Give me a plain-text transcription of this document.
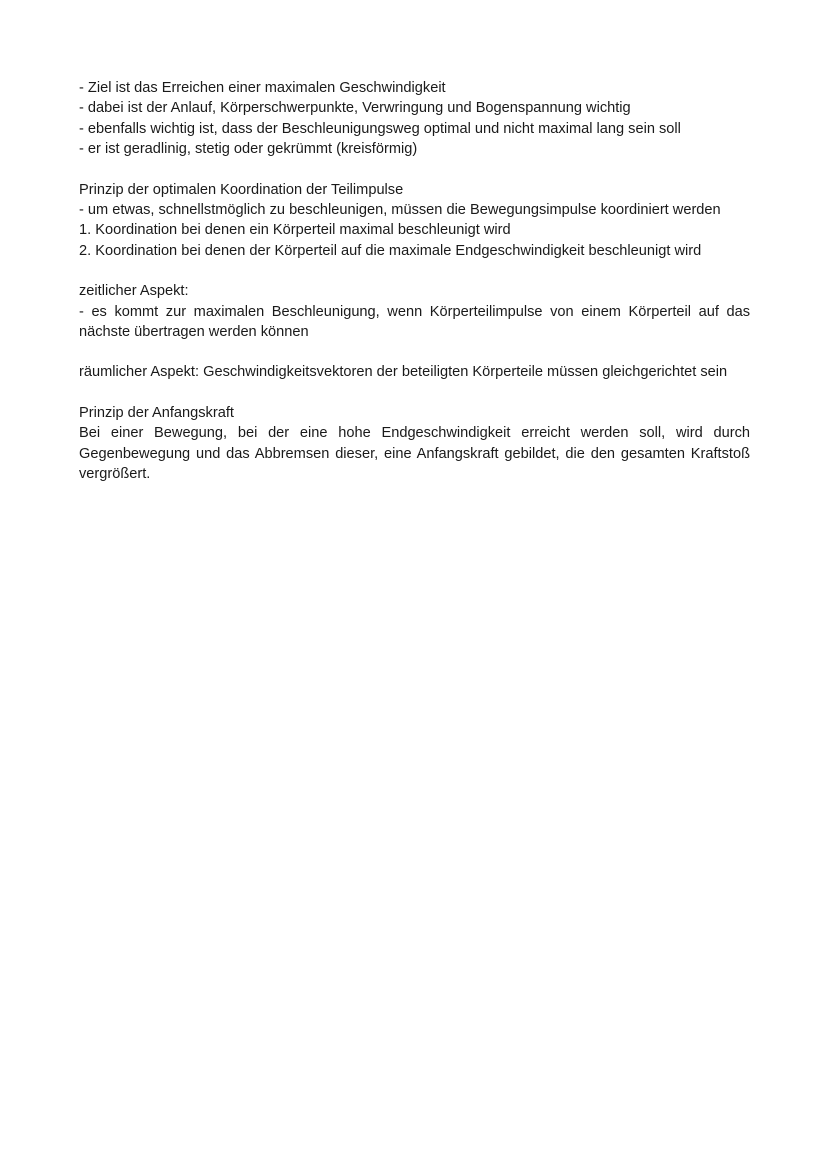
- Ziel ist das Erreichen einer maximalen Geschwindigkeit
- dabei ist der Anlauf, Körperschwerpunkte, Verwringung und Bogenspannung wichtig
- ebenfalls wichtig ist, dass der Beschleunigungsweg optimal und nicht maximal lang sein soll
- er ist geradlinig, stetig oder gekrümmt (kreisförmig)
Prinzip der optimalen Koordination der Teilimpulse
- um etwas, schnellstmöglich zu beschleunigen, müssen die Bewegungsimpulse koordiniert werden
1. Koordination bei denen ein Körperteil maximal beschleunigt wird
2. Koordination bei denen der Körperteil auf die maximale Endgeschwindigkeit beschleunigt wird
zeitlicher Aspekt:
- es kommt zur maximalen Beschleunigung, wenn Körperteilimpulse von einem Körperteil auf das nächste übertragen werden können
räumlicher Aspekt: Geschwindigkeitsvektoren der beteiligten Körperteile müssen gleichgerichtet sein
Prinzip der Anfangskraft
Bei einer Bewegung, bei der eine hohe Endgeschwindigkeit erreicht werden soll, wird durch Gegenbewegung und das Abbremsen dieser, eine Anfangskraft gebildet, die den gesamten Kraftstoß vergrößert.
